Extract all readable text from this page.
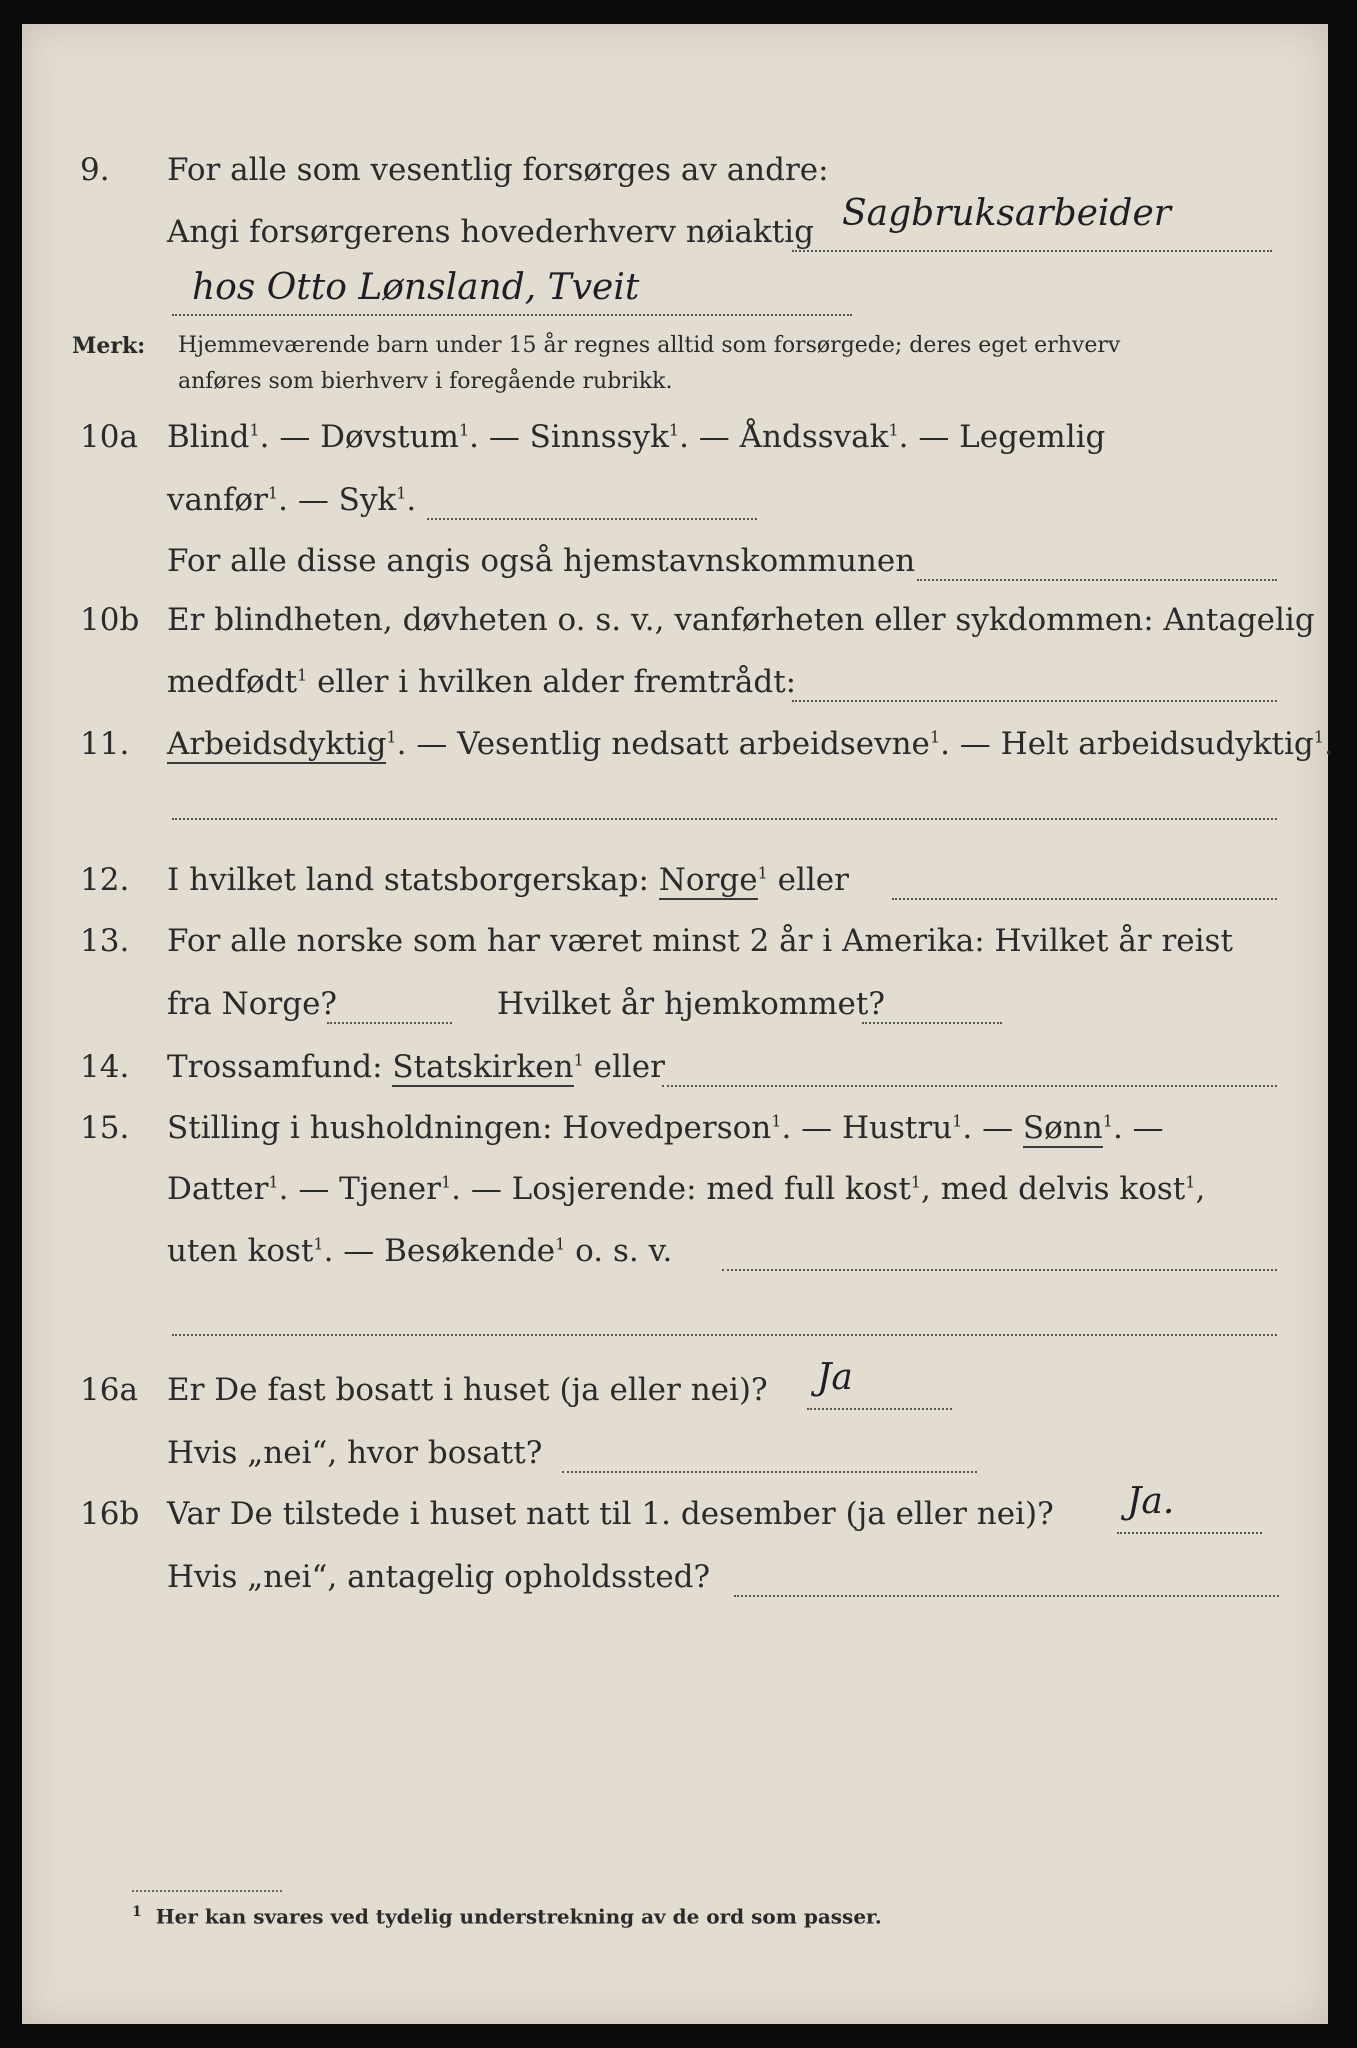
9. For alle som vesentlig forsørges av andre:
Angi forsørgerens hovederhverv nøiaktig Sagbruksarbeider
hos Otto Lønsland, Tveit
Merk: Hjemmeværende barn under 15 år regnes alltid som forsørgede; deres eget erhverv
anføres som bierhverv i foregående rubrikk.
10a Blind$^1$. — Døvstum$^1$. — Sinnssyk$^1$. — Åndssvak$^1$. — Legemlig
vanfør$^1$. — Syk$^1$.
For alle disse angis også hjemstavnskommunen
10b Er blindheten, døvheten o. s. v., vanførheten eller sykdommen: Antagelig
medfødt$^1$ eller i hvilken alder fremtrådt:
11. Arbeidsdyktig$^1$. — Vesentlig nedsatt arbeidsevne$^1$. — Helt arbeidsudyktig$^1$.
12. I hvilket land statsborgerskap: Norge$^1$ eller
13. For alle norske som har været minst 2 år i Amerika: Hvilket år reist
fra Norge?	Hvilket år hjemkommet?
14. Trossamfund: Statskirken$^1$ eller
15. Stilling i husholdningen: Hovedperson$^1$. — Hustru$^1$. — Sønn$^1$. —
Datter$^1$. — Tjener$^1$. — Losjerende: med full kost$^1$, med delvis kost$^1$,
uten kost$^1$. — Besøkende$^1$ o. s. v.
16a Er De fast bosatt i huset (ja eller nei)? Ja
Hvis „nei“, hvor bosatt?
16b Var De tilstede i huset natt til 1. desember (ja eller nei)? Ja.
Hvis „nei“, antagelig opholdssted?
$^1$ Her kan svares ved tydelig understrekning av de ord som passer.
